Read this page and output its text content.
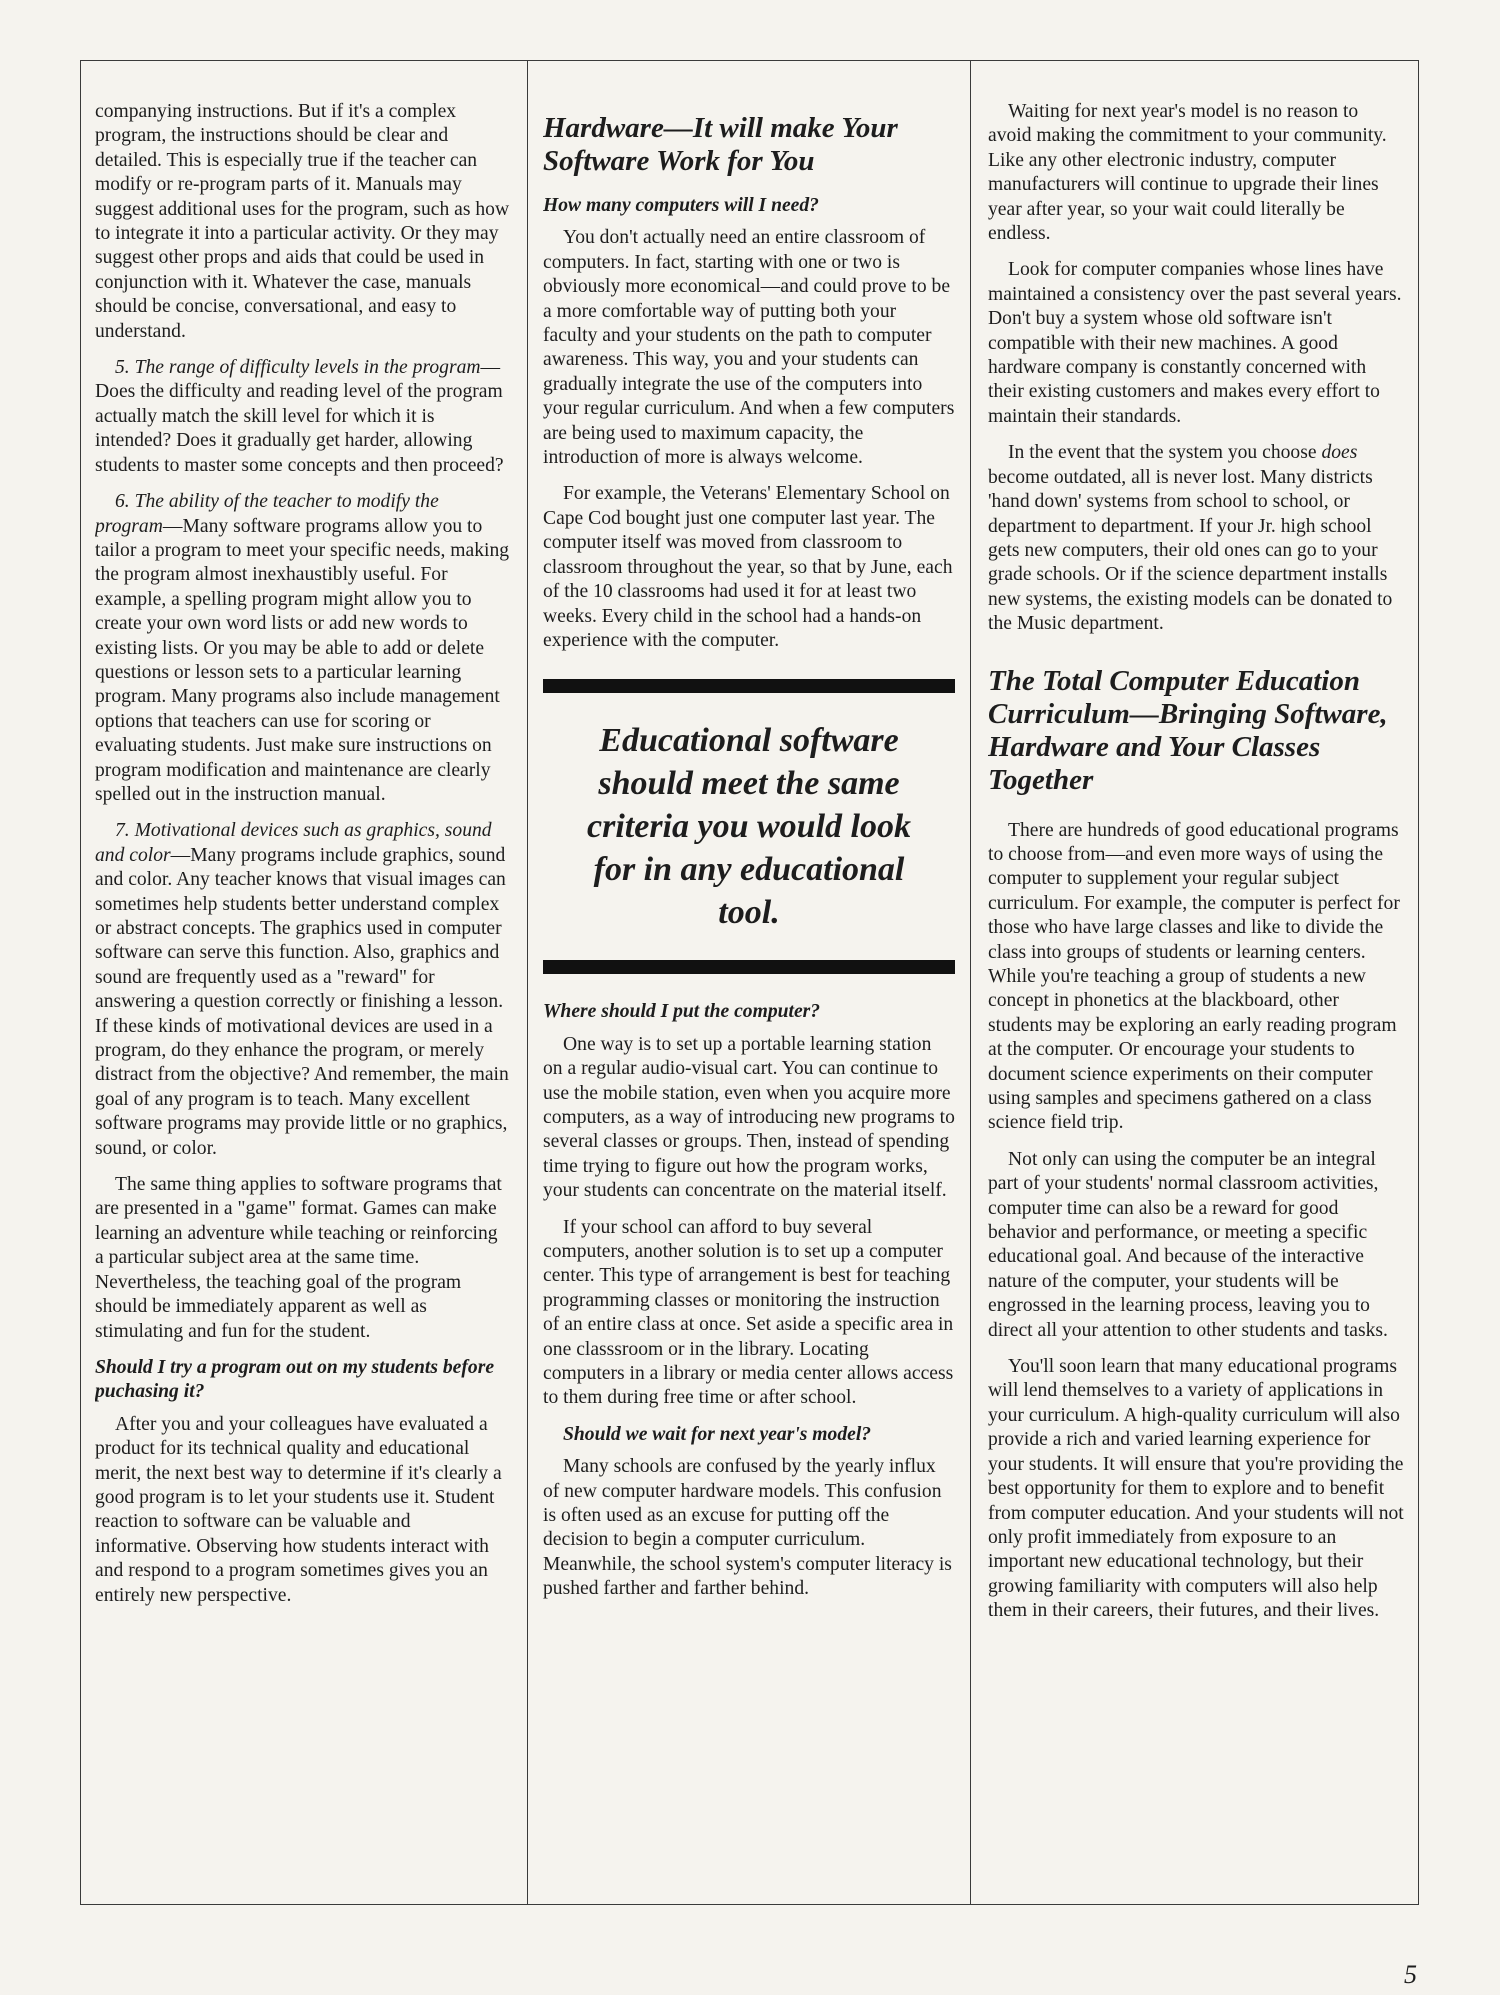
companying instructions. But if it's a complex program, the instructions should be clear and detailed. This is especially true if the teacher can modify or re-program parts of it. Manuals may suggest additional uses for the program, such as how to integrate it into a particular activity. Or they may suggest other props and aids that could be used in conjunction with it. Whatever the case, manuals should be concise, conversational, and easy to understand.

5. The range of difficulty levels in the program—Does the difficulty and reading level of the program actually match the skill level for which it is intended? Does it gradually get harder, allowing students to master some concepts and then proceed?

6. The ability of the teacher to modify the program—Many software programs allow you to tailor a program to meet your specific needs, making the program almost inexhaustibly useful. For example, a spelling program might allow you to create your own word lists or add new words to existing lists. Or you may be able to add or delete questions or lesson sets to a particular learning program. Many programs also include management options that teachers can use for scoring or evaluating students. Just make sure instructions on program modification and maintenance are clearly spelled out in the instruction manual.

7. Motivational devices such as graphics, sound and color—Many programs include graphics, sound and color. Any teacher knows that visual images can sometimes help students better understand complex or abstract concepts. The graphics used in computer software can serve this function. Also, graphics and sound are frequently used as a "reward" for answering a question correctly or finishing a lesson. If these kinds of motivational devices are used in a program, do they enhance the program, or merely distract from the objective? And remember, the main goal of any program is to teach. Many excellent software programs may provide little or no graphics, sound, or color.

The same thing applies to software programs that are presented in a "game" format. Games can make learning an adventure while teaching or reinforcing a particular subject area at the same time. Nevertheless, the teaching goal of the program should be immediately apparent as well as stimulating and fun for the student.

Should I try a program out on my students before puchasing it?

After you and your colleagues have evaluated a product for its technical quality and educational merit, the next best way to determine if it's clearly a good program is to let your students use it. Student reaction to software can be valuable and informative. Observing how students interact with and respond to a program sometimes gives you an entirely new perspective.

Hardware—It will make Your Software Work for You
How many computers will I need?

You don't actually need an entire classroom of computers. In fact, starting with one or two is obviously more economical—and could prove to be a more comfortable way of putting both your faculty and your students on the path to computer awareness. This way, you and your students can gradually integrate the use of the computers into your regular curriculum. And when a few computers are being used to maximum capacity, the introduction of more is always welcome.

For example, the Veterans' Elementary School on Cape Cod bought just one computer last year. The computer itself was moved from classroom to classroom throughout the year, so that by June, each of the 10 classrooms had used it for at least two weeks. Every child in the school had a hands-on experience with the computer.

Educational software should meet the same criteria you would look for in any educational tool.
Where should I put the computer?

One way is to set up a portable learning station on a regular audio-visual cart. You can continue to use the mobile station, even when you acquire more computers, as a way of introducing new programs to several classes or groups. Then, instead of spending time trying to figure out how the program works, your students can concentrate on the material itself.

If your school can afford to buy several computers, another solution is to set up a computer center. This type of arrangement is best for teaching programming classes or monitoring the instruction of an entire class at once. Set aside a specific area in one classsroom or in the library. Locating computers in a library or media center allows access to them during free time or after school.

Should we wait for next year's model?

Many schools are confused by the yearly influx of new computer hardware models. This confusion is often used as an excuse for putting off the decision to begin a computer curriculum. Meanwhile, the school system's computer literacy is pushed farther and farther behind.

Waiting for next year's model is no reason to avoid making the commitment to your community. Like any other electronic industry, computer manufacturers will continue to upgrade their lines year after year, so your wait could literally be endless.

Look for computer companies whose lines have maintained a consistency over the past several years. Don't buy a system whose old software isn't compatible with their new machines. A good hardware company is constantly concerned with their existing customers and makes every effort to maintain their standards.

In the event that the system you choose does become outdated, all is never lost. Many districts 'hand down' systems from school to school, or department to department. If your Jr. high school gets new computers, their old ones can go to your grade schools. Or if the science department installs new systems, the existing models can be donated to the Music department.

The Total Computer Education Curriculum—Bringing Software, Hardware and Your Classes Together

There are hundreds of good educational programs to choose from—and even more ways of using the computer to supplement your regular subject curriculum. For example, the computer is perfect for those who have large classes and like to divide the class into groups of students or learning centers. While you're teaching a group of students a new concept in phonetics at the blackboard, other students may be exploring an early reading program at the computer. Or encourage your students to document science experiments on their computer using samples and specimens gathered on a class science field trip.

Not only can using the computer be an integral part of your students' normal classroom activities, computer time can also be a reward for good behavior and performance, or meeting a specific educational goal. And because of the interactive nature of the computer, your students will be engrossed in the learning process, leaving you to direct all your attention to other students and tasks.

You'll soon learn that many educational programs will lend themselves to a variety of applications in your curriculum. A high-quality curriculum will also provide a rich and varied learning experience for your students. It will ensure that you're providing the best opportunity for them to explore and to benefit from computer education. And your students will not only profit immediately from exposure to an important new educational technology, but their growing familiarity with computers will also help them in their careers, their futures, and their lives.

5
